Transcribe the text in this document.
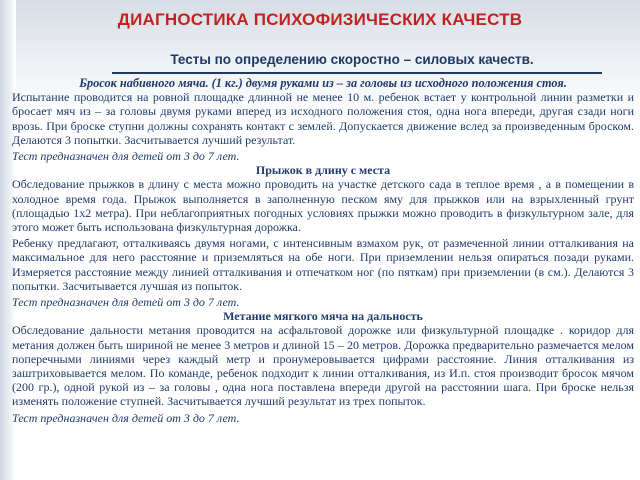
ДИАГНОСТИКА ПСИХОФИЗИЧЕСКИХ КАЧЕСТВ
Тесты по определению скоростно – силовых качеств.

Бросок набивного мяча. (1 кг.) двумя руками из – за головы из исходного положения стоя.

Испытание проводится на ровной площадке длинной не менее 10 м. ребенок встает у контрольной линии разметки и бросает мяч из – за головы двумя руками вперед из исходного положения стоя, одна нога впереди, другая сзади ноги врозь. При броске ступни должны сохранять контакт с землей. Допускается движение вслед за произведенным броском. Делаются 3 попытки. Засчитывается лучший результат.

Тест предназначен для детей от 3 до 7 лет.

Прыжок в длину с места

Обследование прыжков в длину с места можно проводить на участке детского сада в теплое время , а в помещении в холодное время года. Прыжок выполняется в заполненную песком яму для прыжков или на взрыхленный грунт (площадью 1х2 метра). При неблагоприятных погодных условиях прыжки можно проводить в физкультурном зале, для этого может быть использована физкультурная дорожка.

Ребенку предлагают, отталкиваясь двумя ногами, с интенсивным взмахом рук, от размеченной линии отталкивания на максимальное для него расстояние и приземляться на обе ноги. При приземлении нельзя опираться позади руками. Измеряется расстояние между линией отталкивания и отпечатком ног (по пяткам) при приземлении (в см.). Делаются 3 попытки. Засчитывается лучшая из попыток.

Тест предназначен для детей от 3 до 7 лет.

Метание мягкого мяча на дальность

Обследование дальности метания проводится на асфальтовой дорожке или физкультурной площадке . коридор для метания должен быть шириной не менее 3 метров и длиной 15 – 20 метров. Дорожка предварительно размечается мелом поперечными линиями через каждый метр и пронумеровывается цифрами расстояние. Линия отталкивания из заштриховывается мелом. По команде, ребенок подходит к линии отталкивания, из И.п. стоя производит бросок мячом (200 гр.), одной рукой из – за головы , одна нога поставлена впереди другой на расстоянии шага. При броске нельзя изменять положение ступней. Засчитывается лучший результат из трех попыток.

Тест предназначен для детей от 3 до 7 лет.
